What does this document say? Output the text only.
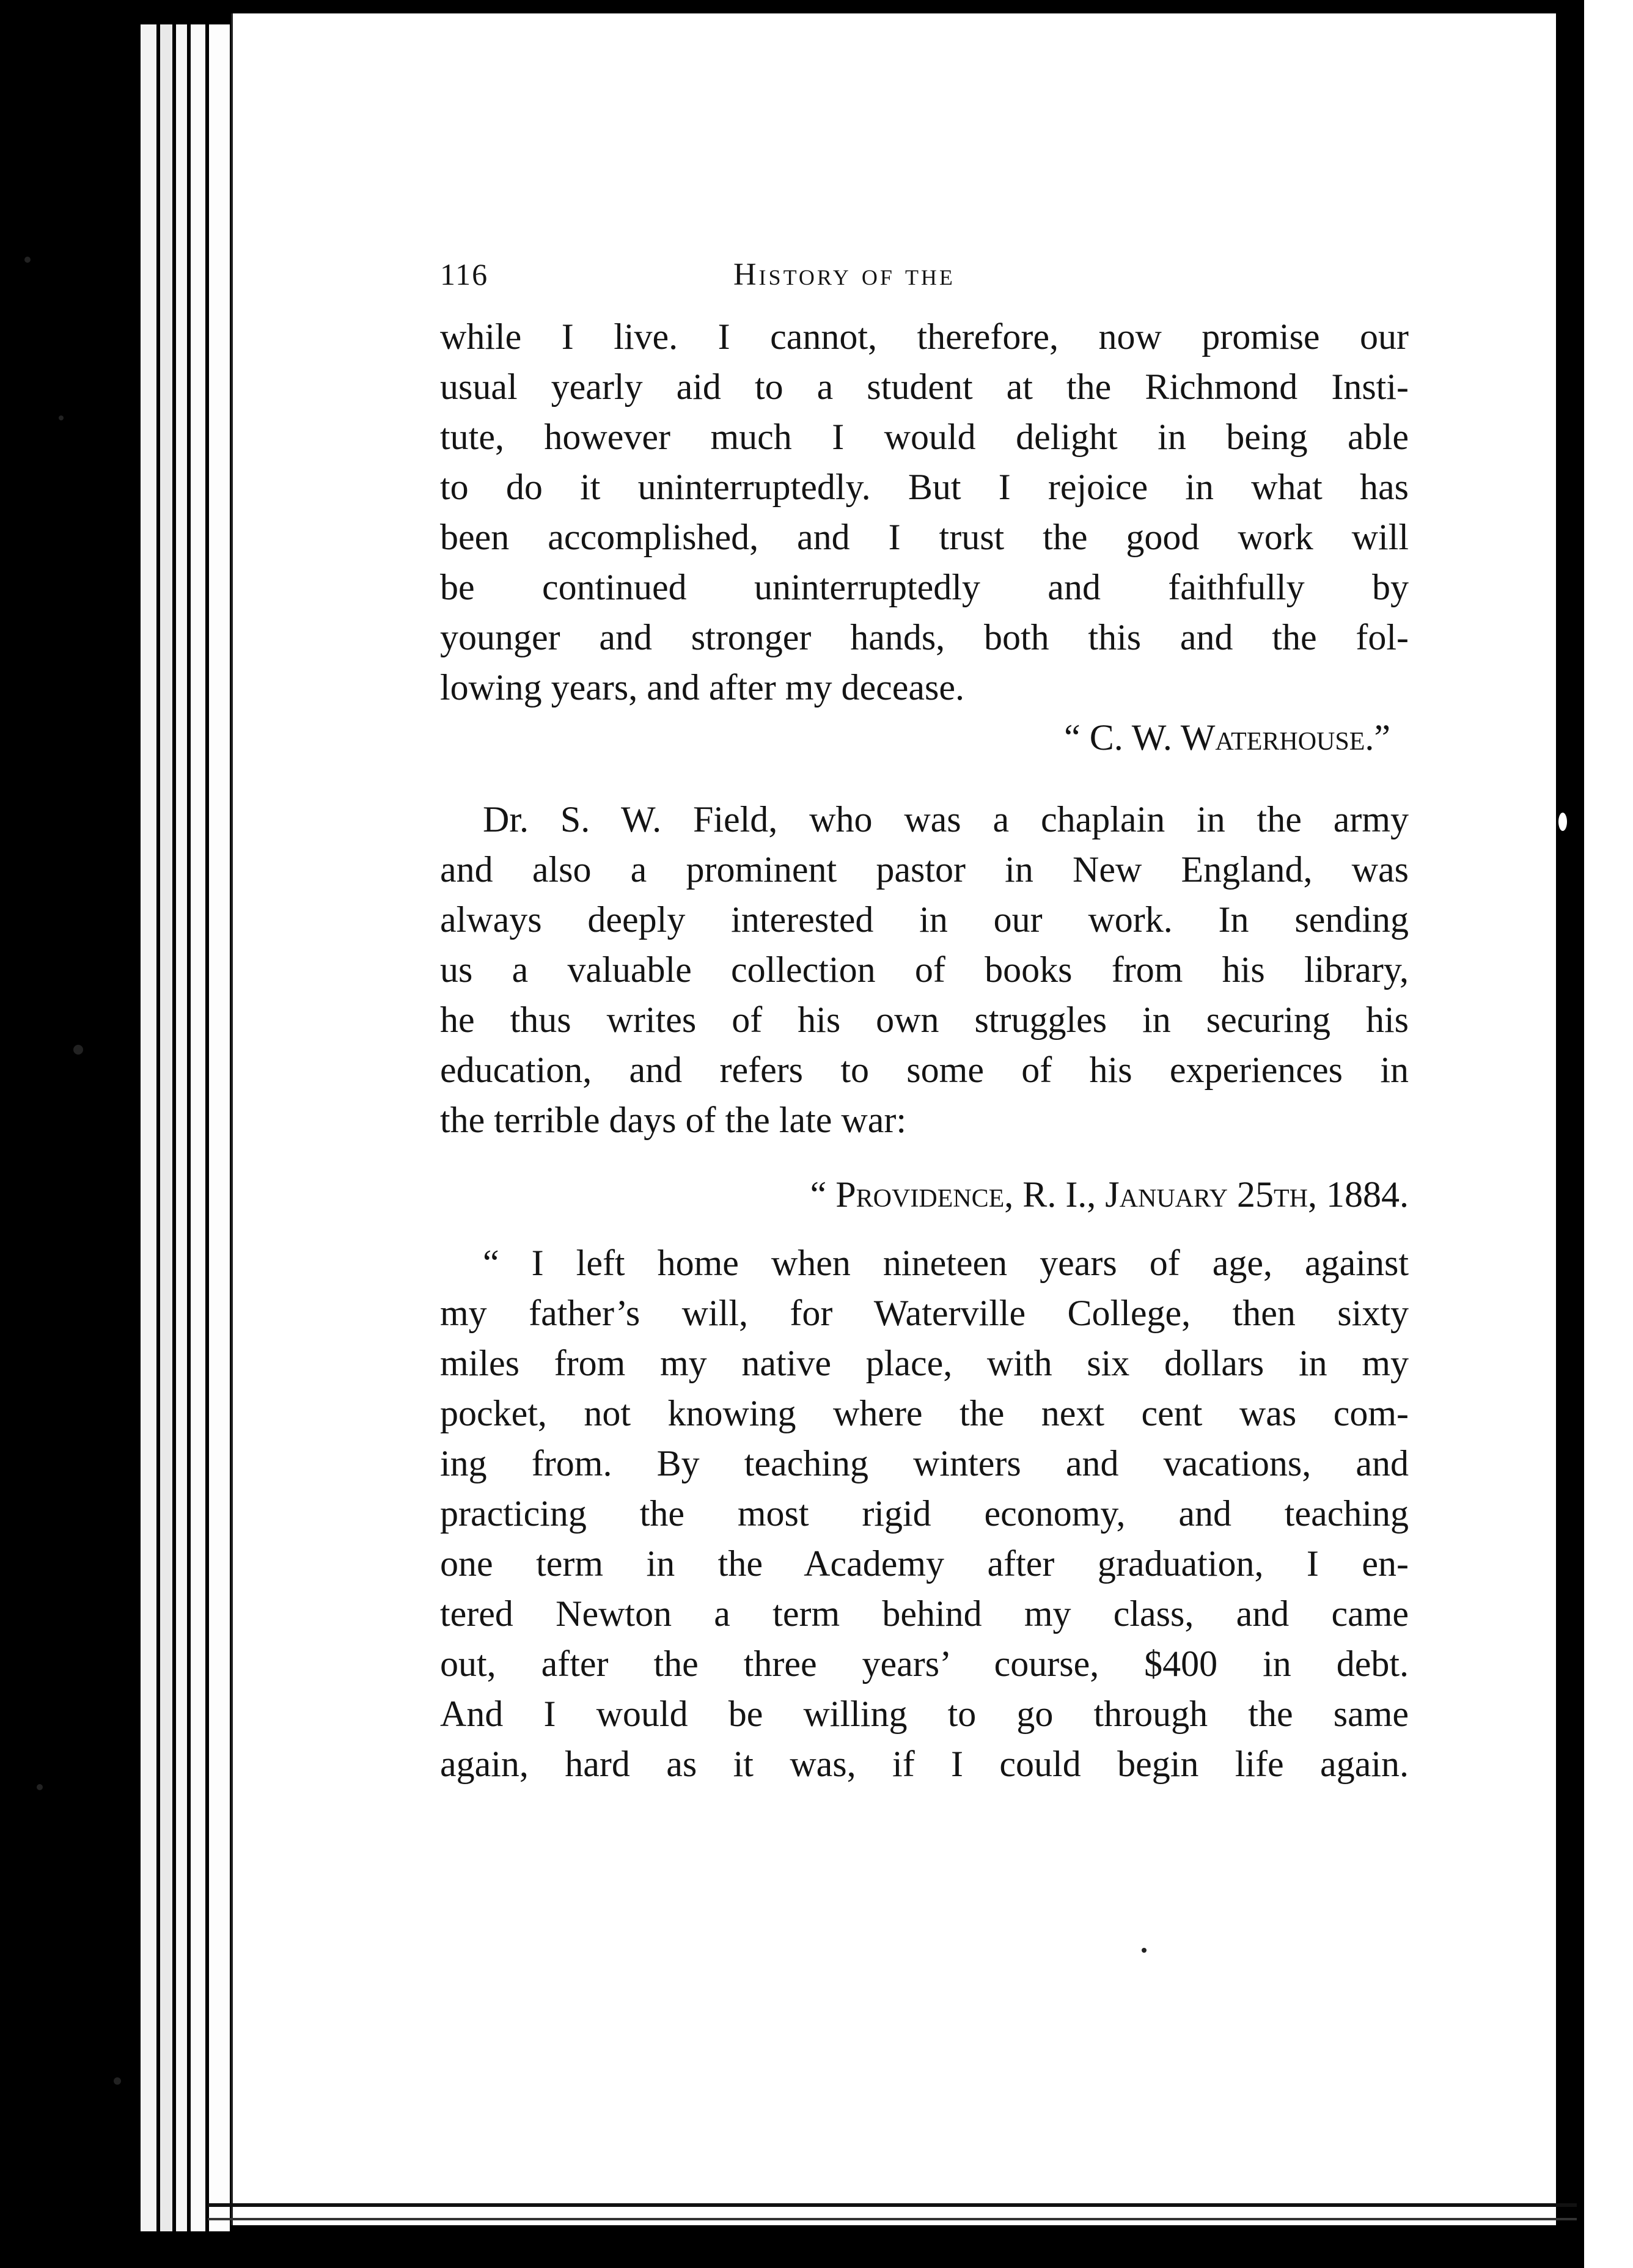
116	History of the
while I live. I cannot, therefore, now promise our
usual yearly aid to a student at the Richmond Insti-
tute, however much I would delight in being able
to do it uninterruptedly. But I rejoice in what has
been accomplished, and I trust the good work will
be continued uninterruptedly and faithfully by
younger and stronger hands, both this and the fol-
lowing years, and after my decease.
“ C. W. Waterhouse.”
Dr. S. W. Field, who was a chaplain in the army
and also a prominent pastor in New England, was
always deeply interested in our work. In sending
us a valuable collection of books from his library,
he thus writes of his own struggles in securing his
education, and refers to some of his experiences in
the terrible days of the late war:
“ Providence, R. I., January 25th, 1884.
“ I left home when nineteen years of age, against
my father’s will, for Waterville College, then sixty
miles from my native place, with six dollars in my
pocket, not knowing where the next cent was com-
ing from. By teaching winters and vacations, and
practicing the most rigid economy, and teaching
one term in the Academy after graduation, I en-
tered Newton a term behind my class, and came
out, after the three years’ course, $400 in debt.
And I would be willing to go through the same
again, hard as it was, if I could begin life again.
